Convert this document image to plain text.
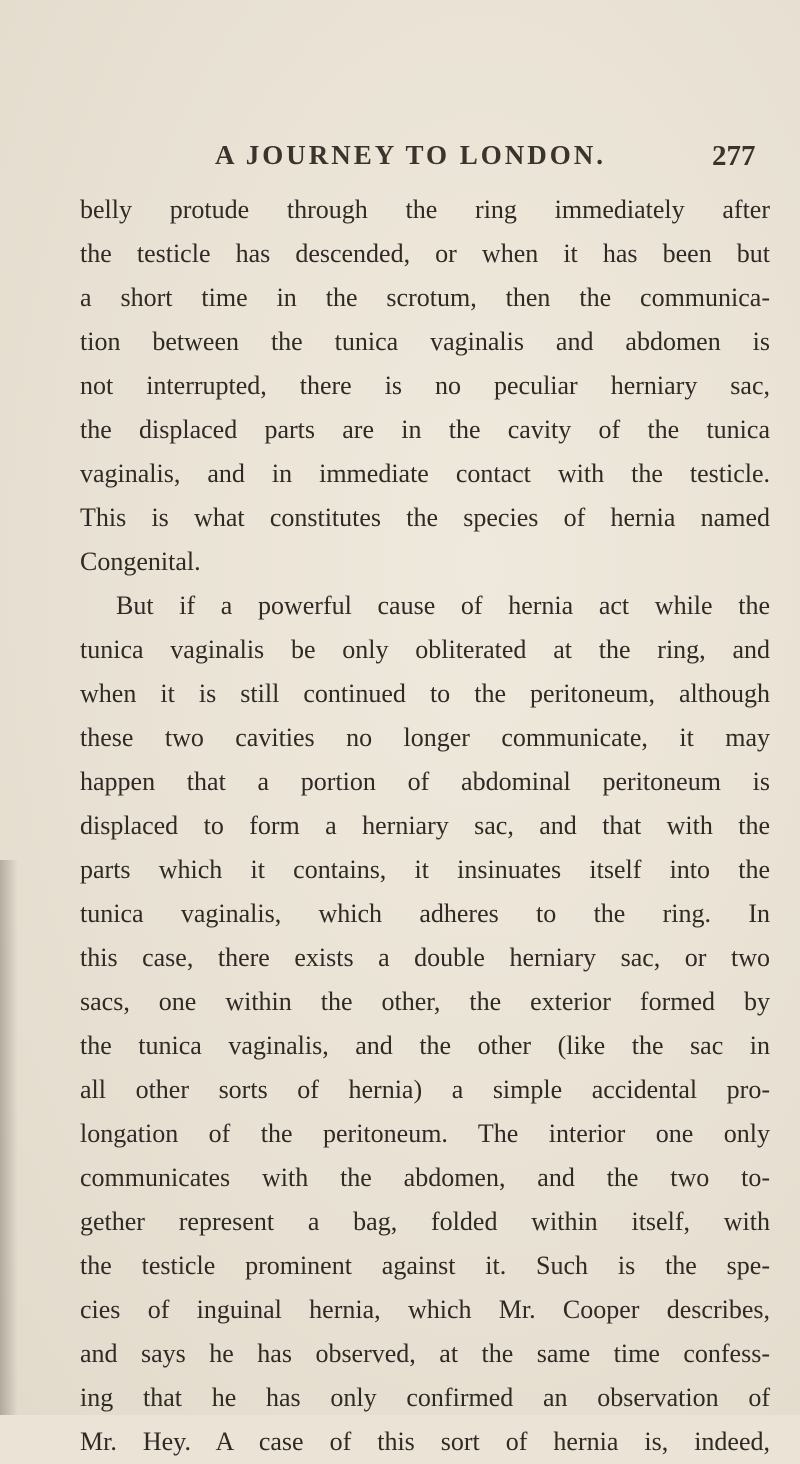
A JOURNEY TO LONDON.	277
belly protude through the ring immediately after
the testicle has descended, or when it has been but
a short time in the scrotum, then the communica-
tion between the tunica vaginalis and abdomen is
not interrupted, there is no peculiar herniary sac,
the displaced parts are in the cavity of the tunica
vaginalis, and in immediate contact with the testicle.
This is what constitutes the species of hernia named
Congenital.
But if a powerful cause of hernia act while the
tunica vaginalis be only obliterated at the ring, and
when it is still continued to the peritoneum, although
these two cavities no longer communicate, it may
happen that a portion of abdominal peritoneum is
displaced to form a herniary sac, and that with the
parts which it contains, it insinuates itself into the
tunica vaginalis, which adheres to the ring. In
this case, there exists a double herniary sac, or two
sacs, one within the other, the exterior formed by
the tunica vaginalis, and the other (like the sac in
all other sorts of hernia) a simple accidental pro-
longation of the peritoneum. The interior one only
communicates with the abdomen, and the two to-
gether represent a bag, folded within itself, with
the testicle prominent against it. Such is the spe-
cies of inguinal hernia, which Mr. Cooper describes,
and says he has observed, at the same time confess-
ing that he has only confirmed an observation of
Mr. Hey. A case of this sort of hernia is, indeed,
